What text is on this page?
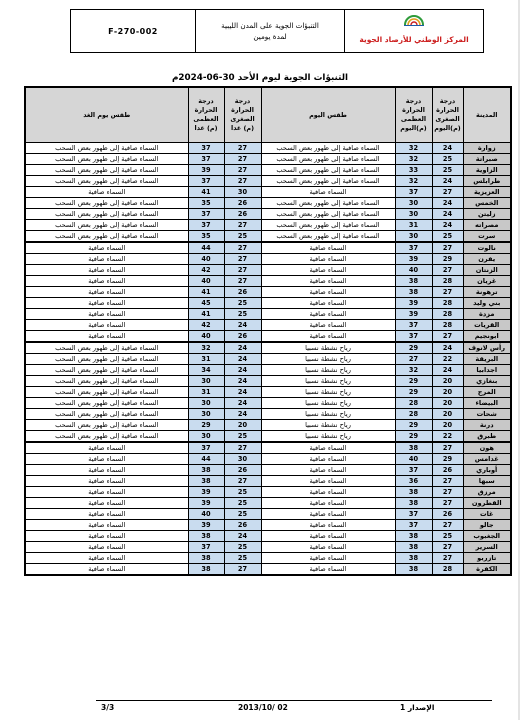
F-270-002
التنبؤات الجوية على المدن الليبية
لمدة يومين	المركز الوطني للأرصاد الجوية
التنبؤات الجوية ليوم الأحد 30-06-2024م
المدينة	درجة الحرارة الصغرى (م)اليوم	درجة الحرارة العظمى (م)اليوم	طقس اليوم	درجة الحرارة الصغرى (م) غدا	درجة الحرارة العظمى (م) غدا	طقس يوم الغد
زوارة	24	32	السماء صافية إلى ظهور بعض السحب	27	37	السماء صافية إلى ظهور بعض السحب
صبراتة	25	32	السماء صافية إلى ظهور بعض السحب	27	37	السماء صافية إلى ظهور بعض السحب
الزاوية	25	33	السماء صافية إلى ظهور بعض السحب	27	39	السماء صافية إلى ظهور بعض السحب
طرابلس	24	32	السماء صافية إلى ظهور بعض السحب	27	37	السماء صافية إلى ظهور بعض السحب
العزيزية	27	37	السماء صافية	30	41	السماء صافية
الخمس	24	30	السماء صافية إلى ظهور بعض السحب	26	35	السماء صافية إلى ظهور بعض السحب
زليتن	24	30	السماء صافية إلى ظهور بعض السحب	26	37	السماء صافية إلى ظهور بعض السحب
مصراته	24	31	السماء صافية إلى ظهور بعض السحب	27	37	السماء صافية إلى ظهور بعض السحب
سرت	25	30	السماء صافية إلى ظهور بعض السحب	25	35	السماء صافية إلى ظهور بعض السحب
نالوت	27	37	السماء صافية	27	44	السماء صافية
يفرن	29	39	السماء صافية	27	40	السماء صافية
الزنتان	27	40	السماء صافية	27	42	السماء صافية
غريان	28	38	السماء صافية	27	40	السماء صافية
ترهونة	27	38	السماء صافية	26	41	السماء صافية
بني وليد	28	39	السماء صافية	25	45	السماء صافية
مزدة	28	39	السماء صافية	25	41	السماء صافية
القريات	28	37	السماء صافية	24	42	السماء صافية
ابونجيم	27	37	السماء صافية	26	40	السماء صافية
رأس لانوف	24	29	رياح نشطة نسبيا	24	32	السماء صافية إلى ظهور بعض السحب
البريقة	22	27	رياح نشطة نسبيا	24	31	السماء صافية إلى ظهور بعض السحب
اجدابيا	24	32	رياح نشطة نسبيا	24	34	السماء صافية إلى ظهور بعض السحب
بنغازي	20	29	رياح نشطة نسبيا	24	30	السماء صافية إلى ظهور بعض السحب
المرج	20	29	رياح نشطة نسبيا	24	31	السماء صافية إلى ظهور بعض السحب
البيضاء	20	28	رياح نشطة نسبيا	24	30	السماء صافية إلى ظهور بعض السحب
شحات	20	28	رياح نشطة نسبيا	24	30	السماء صافية إلى ظهور بعض السحب
درنة	20	29	رياح نشطة نسبيا	20	29	السماء صافية إلى ظهور بعض السحب
طبرق	22	29	رياح نشطة نسبيا	25	30	السماء صافية إلى ظهور بعض السحب
هون	27	38	السماء صافية	27	37	السماء صافية
غدامس	29	40	السماء صافية	30	44	السماء صافية
أوباري	26	37	السماء صافية	26	38	السماء صافية
سبها	27	36	السماء صافية	27	38	السماء صافية
مرزق	27	38	السماء صافية	25	39	السماء صافية
القطرون	27	38	السماء صافية	25	39	السماء صافية
غات	26	37	السماء صافية	25	40	السماء صافية
جالو	27	37	السماء صافية	26	39	السماء صافية
الجغبوب	25	38	السماء صافية	24	38	السماء صافية
السرير	27	38	السماء صافية	25	37	السماء صافية
تازربو	27	38	السماء صافية	25	38	السماء صافية
الكفرة	28	38	السماء صافية	27	38	السماء صافية
3/3	2013/10/ 02	الإصدار 1
